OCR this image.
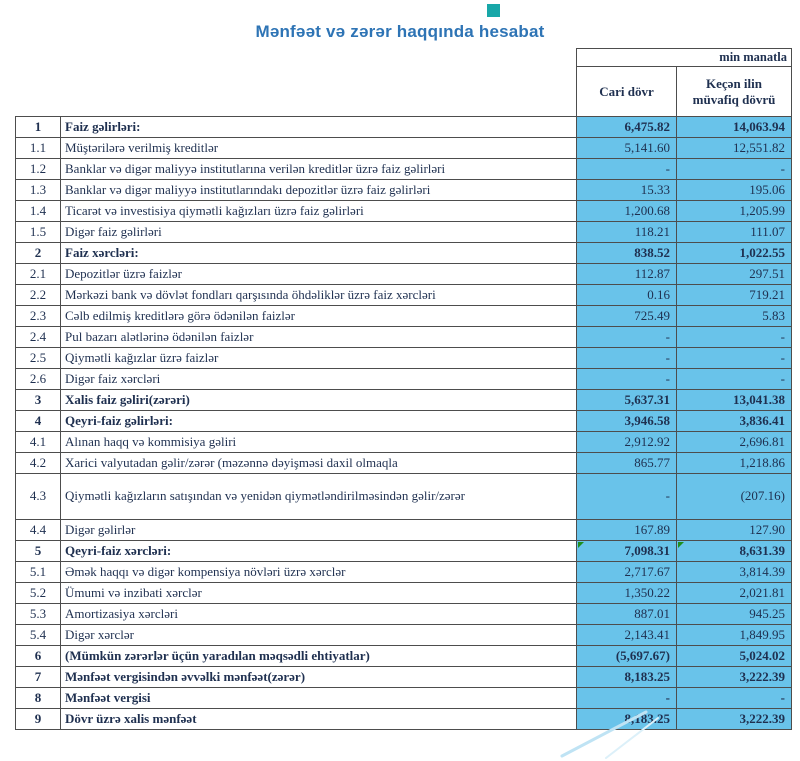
Mənfəət və zərər haqqında hesabat
		min manatla	
		Cari dövr	Keçən ilin müvafiq dövrü
1	Faiz gəlirləri:	6,475.82	14,063.94
1.1	Müştərilərə verilmiş kreditlər	5,141.60	12,551.82
1.2	Banklar və digər maliyyə institutlarına verilən kreditlər üzrə faiz gəlirləri	-	-
1.3	Banklar və digər maliyyə institutlarındakı depozitlər üzrə faiz gəlirləri	15.33	195.06
1.4	Ticarət və investisiya qiymətli kağızları üzrə faiz gəlirləri	1,200.68	1,205.99
1.5	Digər faiz gəlirləri	118.21	111.07
2	Faiz xərcləri:	838.52	1,022.55
2.1	Depozitlər üzrə faizlər	112.87	297.51
2.2	Mərkəzi bank və dövlət fondları qarşısında öhdəliklər üzrə faiz xərcləri	0.16	719.21
2.3	Cəlb edilmiş kreditlərə görə ödənilən faizlər	725.49	5.83
2.4	Pul bazarı alətlərinə ödənilən faizlər	-	-
2.5	Qiymətli kağızlar üzrə faizlər	-	-
2.6	Digər faiz xərcləri	-	-
3	Xalis faiz gəliri(zərəri)	5,637.31	13,041.38
4	Qeyri-faiz gəlirləri:	3,946.58	3,836.41
4.1	Alınan haqq və kommisiya gəliri	2,912.92	2,696.81
4.2	Xarici valyutadan gəlir/zərər (məzənnə dəyişməsi daxil olmaqla	865.77	1,218.86
4.3	Qiymətli kağızların satışından və yenidən qiymətləndirilməsindən gəlir/zərər	-	(207.16)
4.4	Digər gəlirlər	167.89	127.90
5	Qeyri-faiz xərcləri:	7,098.31	8,631.39

5.1	Əmək haqqı və digər kompensiya növləri üzrə xərclər	2,717.67	3,814.39
5.2	Ümumi və inzibati xərclər	1,350.22	2,021.81
5.3	Amortizasiya xərcləri	887.01	945.25
5.4	Digər xərclər	2,143.41	1,849.95
6	(Mümkün zərərlər üçün yaradılan məqsədli ehtiyatlar)	(5,697.67)	5,024.02
7	Mənfəət vergisindən əvvəlki mənfəət(zərər)	8,183.25	3,222.39
8	Mənfəət vergisi	-	-
9	Dövr üzrə xalis mənfəət	8,183.25	3,222.39
